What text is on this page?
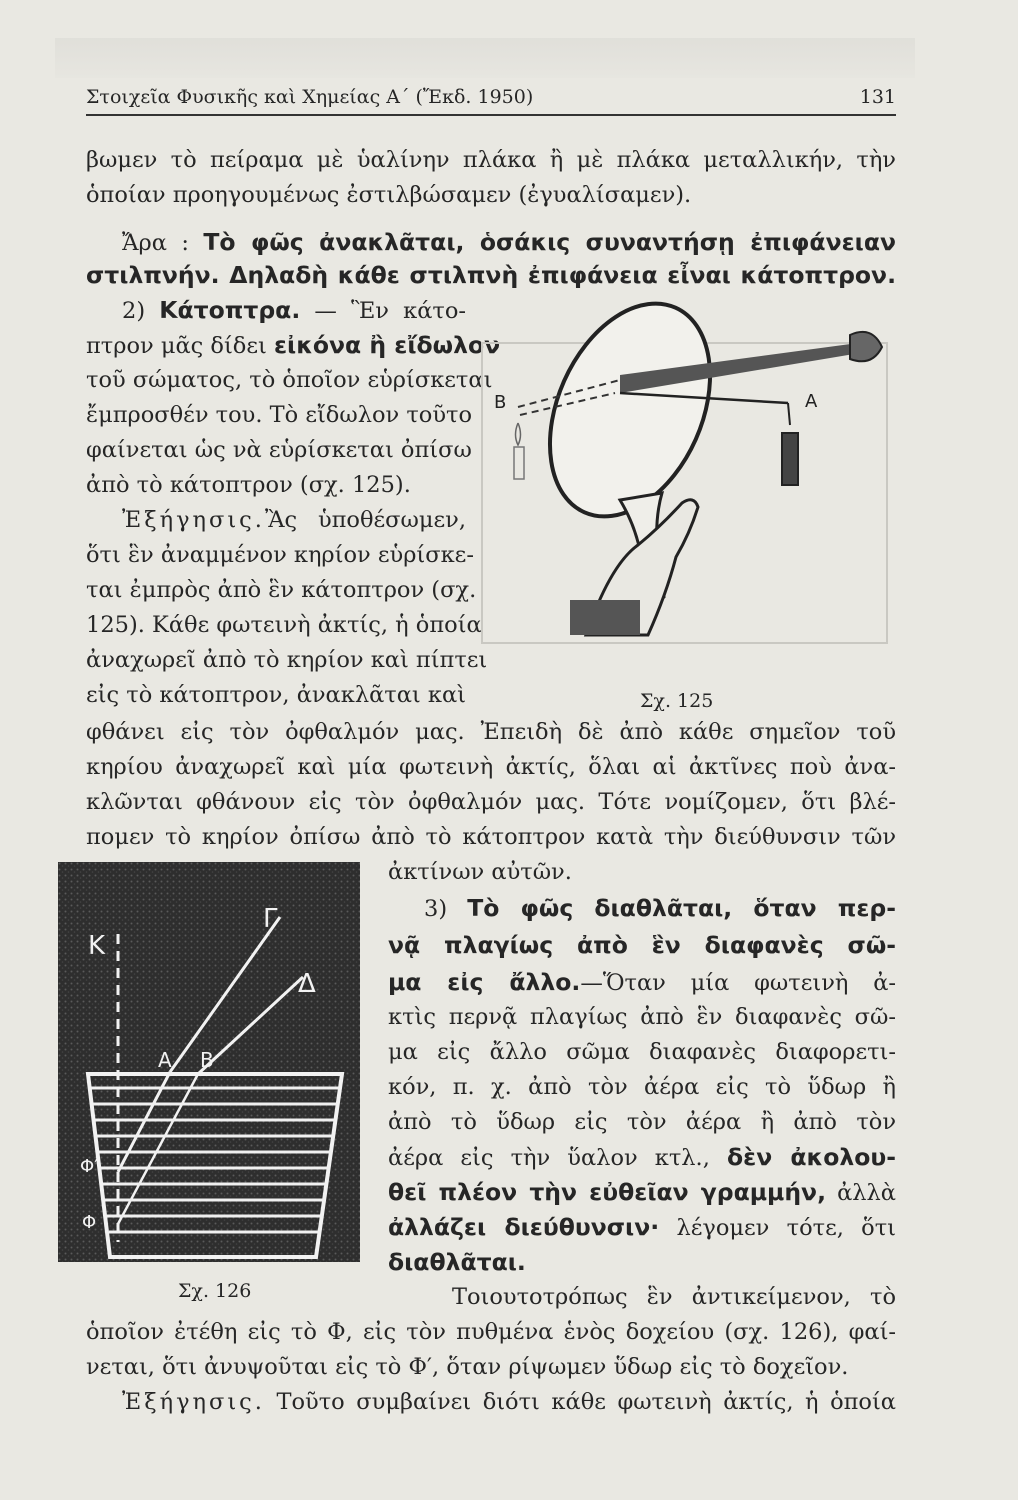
Στοιχεῖα Φυσικῆς καὶ Χημείας Α΄ (Ἔκδ. 1950)	131
βωμεν τὸ πείραμα μὲ ὑαλίνην πλάκα ἢ μὲ πλάκα μεταλλικήν, τὴν
ὁποίαν προηγουμένως ἐστιλβώσαμεν (ἐγυαλίσαμεν).
Ἄρα : Τὸ φῶς ἀνακλᾶται, ὁσάκις συναντήσῃ ἐπιφάνειαν
στιλπνήν. Δηλαδὴ κάθε στιλπνὴ ἐπιφάνεια εἶναι κάτοπτρον.
2) Κάτοπτρα. — Ἓν κάτο-
πτρον μᾶς δίδει εἰκόνα ἢ εἴδωλον
τοῦ σώματος, τὸ ὁποῖον εὑρίσκεται
ἔμπροσθέν του. Τὸ εἴδωλον τοῦτο
φαίνεται ὡς νὰ εὑρίσκεται ὀπίσω
ἀπὸ τὸ κάτοπτρον (σχ. 125).
Ἐξήγησις.Ἂς ὑποθέσωμεν,
ὅτι ἓν ἀναμμένον κηρίον εὑρίσκε-
ται ἐμπρὸς ἀπὸ ἓν κάτοπτρον (σχ.
125). Κάθε φωτεινὴ ἀκτίς, ἡ ὁποία
ἀναχωρεῖ ἀπὸ τὸ κηρίον καὶ πίπτει
εἰς τὸ κάτοπτρον, ἀνακλᾶται καὶ
φθάνει εἰς τὸν ὀφθαλμόν μας. Ἐπειδὴ δὲ ἀπὸ κάθε σημεῖον τοῦ
κηρίου ἀναχωρεῖ καὶ μία φωτεινὴ ἀκτίς, ὅλαι αἱ ἀκτῖνες ποὺ ἀνα-
κλῶνται φθάνουν εἰς τὸν ὀφθαλμόν μας. Τότε νομίζομεν, ὅτι βλέ-
πομεν τὸ κηρίον ὀπίσω ἀπὸ τὸ κάτοπτρον κατὰ τὴν διεύθυνσιν τῶν
ἀκτίνων αὐτῶν.
3) Τὸ φῶς διαθλᾶται, ὅταν περ-
νᾷ πλαγίως ἀπὸ ἓν διαφανὲς σῶ-
μα εἰς ἄλλο.—Ὅταν μία φωτεινὴ ἀ-
κτὶς περνᾷ πλαγίως ἀπὸ ἓν διαφανὲς σῶ-
μα εἰς ἄλλο σῶμα διαφανὲς διαφορετι-
κόν, π. χ. ἀπὸ τὸν ἀέρα εἰς τὸ ὕδωρ ἢ
ἀπὸ τὸ ὕδωρ εἰς τὸν ἀέρα ἢ ἀπὸ τὸν
ἀέρα εἰς τὴν ὕαλον κτλ., δὲν ἀκολου-
θεῖ πλέον τὴν εὐθεῖαν γραμμήν, ἀλλὰ
ἀλλάζει διεύθυνσιν· λέγομεν τότε, ὅτι
διαθλᾶται.
Τοιουτοτρόπως ἓν ἀντικείμενον, τὸ
ὁποῖον ἐτέθη εἰς τὸ Φ, εἰς τὸν πυθμένα ἑνὸς δοχείου (σχ. 126), φαί-
νεται, ὅτι ἀνυψοῦται εἰς τὸ Φ′, ὅταν ρίψωμεν ὕδωρ εἰς τὸ δοχεῖον.
Ἐξήγησις. Τοῦτο συμβαίνει διότι κάθε φωτεινὴ ἀκτίς, ἡ ὁποία
Β	Α
Σχ. 125
Κ
Γ
Δ
Α Β
Φ′
Φ
Σχ. 126
